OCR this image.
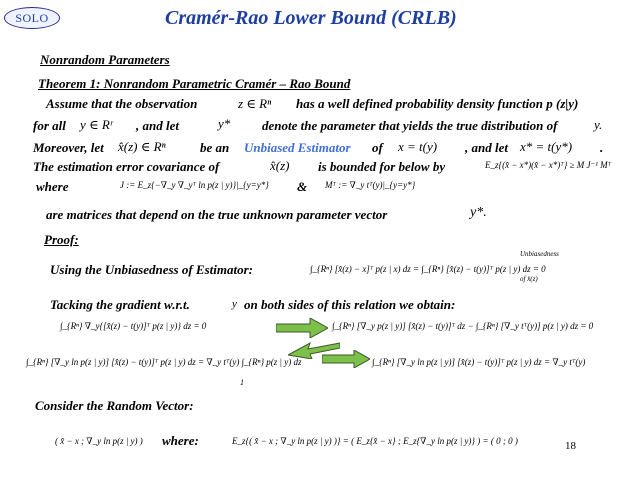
SOLO	Cramér-Rao Lower Bound (CRLB)
Nonrandom Parameters
Theorem 1: Nonrandom Parametric Cramér – Rao Bound
Assume that the observation	z ∈ Rⁿ has a well defined probability density function p (z|y)
for all y ∈ Rʳ , and let	y* denote the parameter that yields the true distribution of	y.
Moreover, let x̂(z) ∈ Rⁿ	be an Unbiased Estimator of x = t(y) , and let x* = t(y*) .
The estimation error covariance of	x̂(z) is bounded for below by	E_z{(x̂ − x*)(x̂ − x*)ᵀ} ≥ M J⁻¹ Mᵀ
where	J := E_z{−∇_y ∇_yᵀ ln p(z | y)}|_{y=y*} & Mᵀ := ∇_y tᵀ(y)|_{y=y*}
are matrices that depend on the true unknown parameter vector	y*.
Proof:
Using the Unbiasedness of Estimator:	∫_{Rⁿ} [x̂(z) − x]ᵀ p(z | x) dz = ∫_{Rⁿ} [x̂(z) − t(y)]ᵀ p(z | y) dz = 0
Unbiasedness
of x̂(z)
Tacking the gradient w.r.t.	y on both sides of this relation we obtain:
∫_{Rⁿ} ∇_y{[x̂(z) − t(y)]ᵀ p(z | y)} dz = 0	∫_{Rⁿ} [∇_y p(z | y)] [x̂(z) − t(y)]ᵀ dz − ∫_{Rⁿ} [∇_y tᵀ(y)] p(z | y) dz = 0
∫_{Rⁿ} [∇_y ln p(z | y)] [x̂(z) − t(y)]ᵀ p(z | y) dz = ∇_y tᵀ(y) ∫_{Rⁿ} p(z | y) dz
1
∫_{Rⁿ} [∇_y ln p(z | y)] [x̂(z) − t(y)]ᵀ p(z | y) dz = ∇_y tᵀ(y)
Consider the Random Vector:
( x̂ − x ; ∇_y ln p(z | y) ) where:	E_z{( x̂ − x ; ∇_y ln p(z | y) )} = ( E_z{x̂ − x} ; E_z{∇_y ln p(z | y)} ) = ( 0 ; 0 )	18
